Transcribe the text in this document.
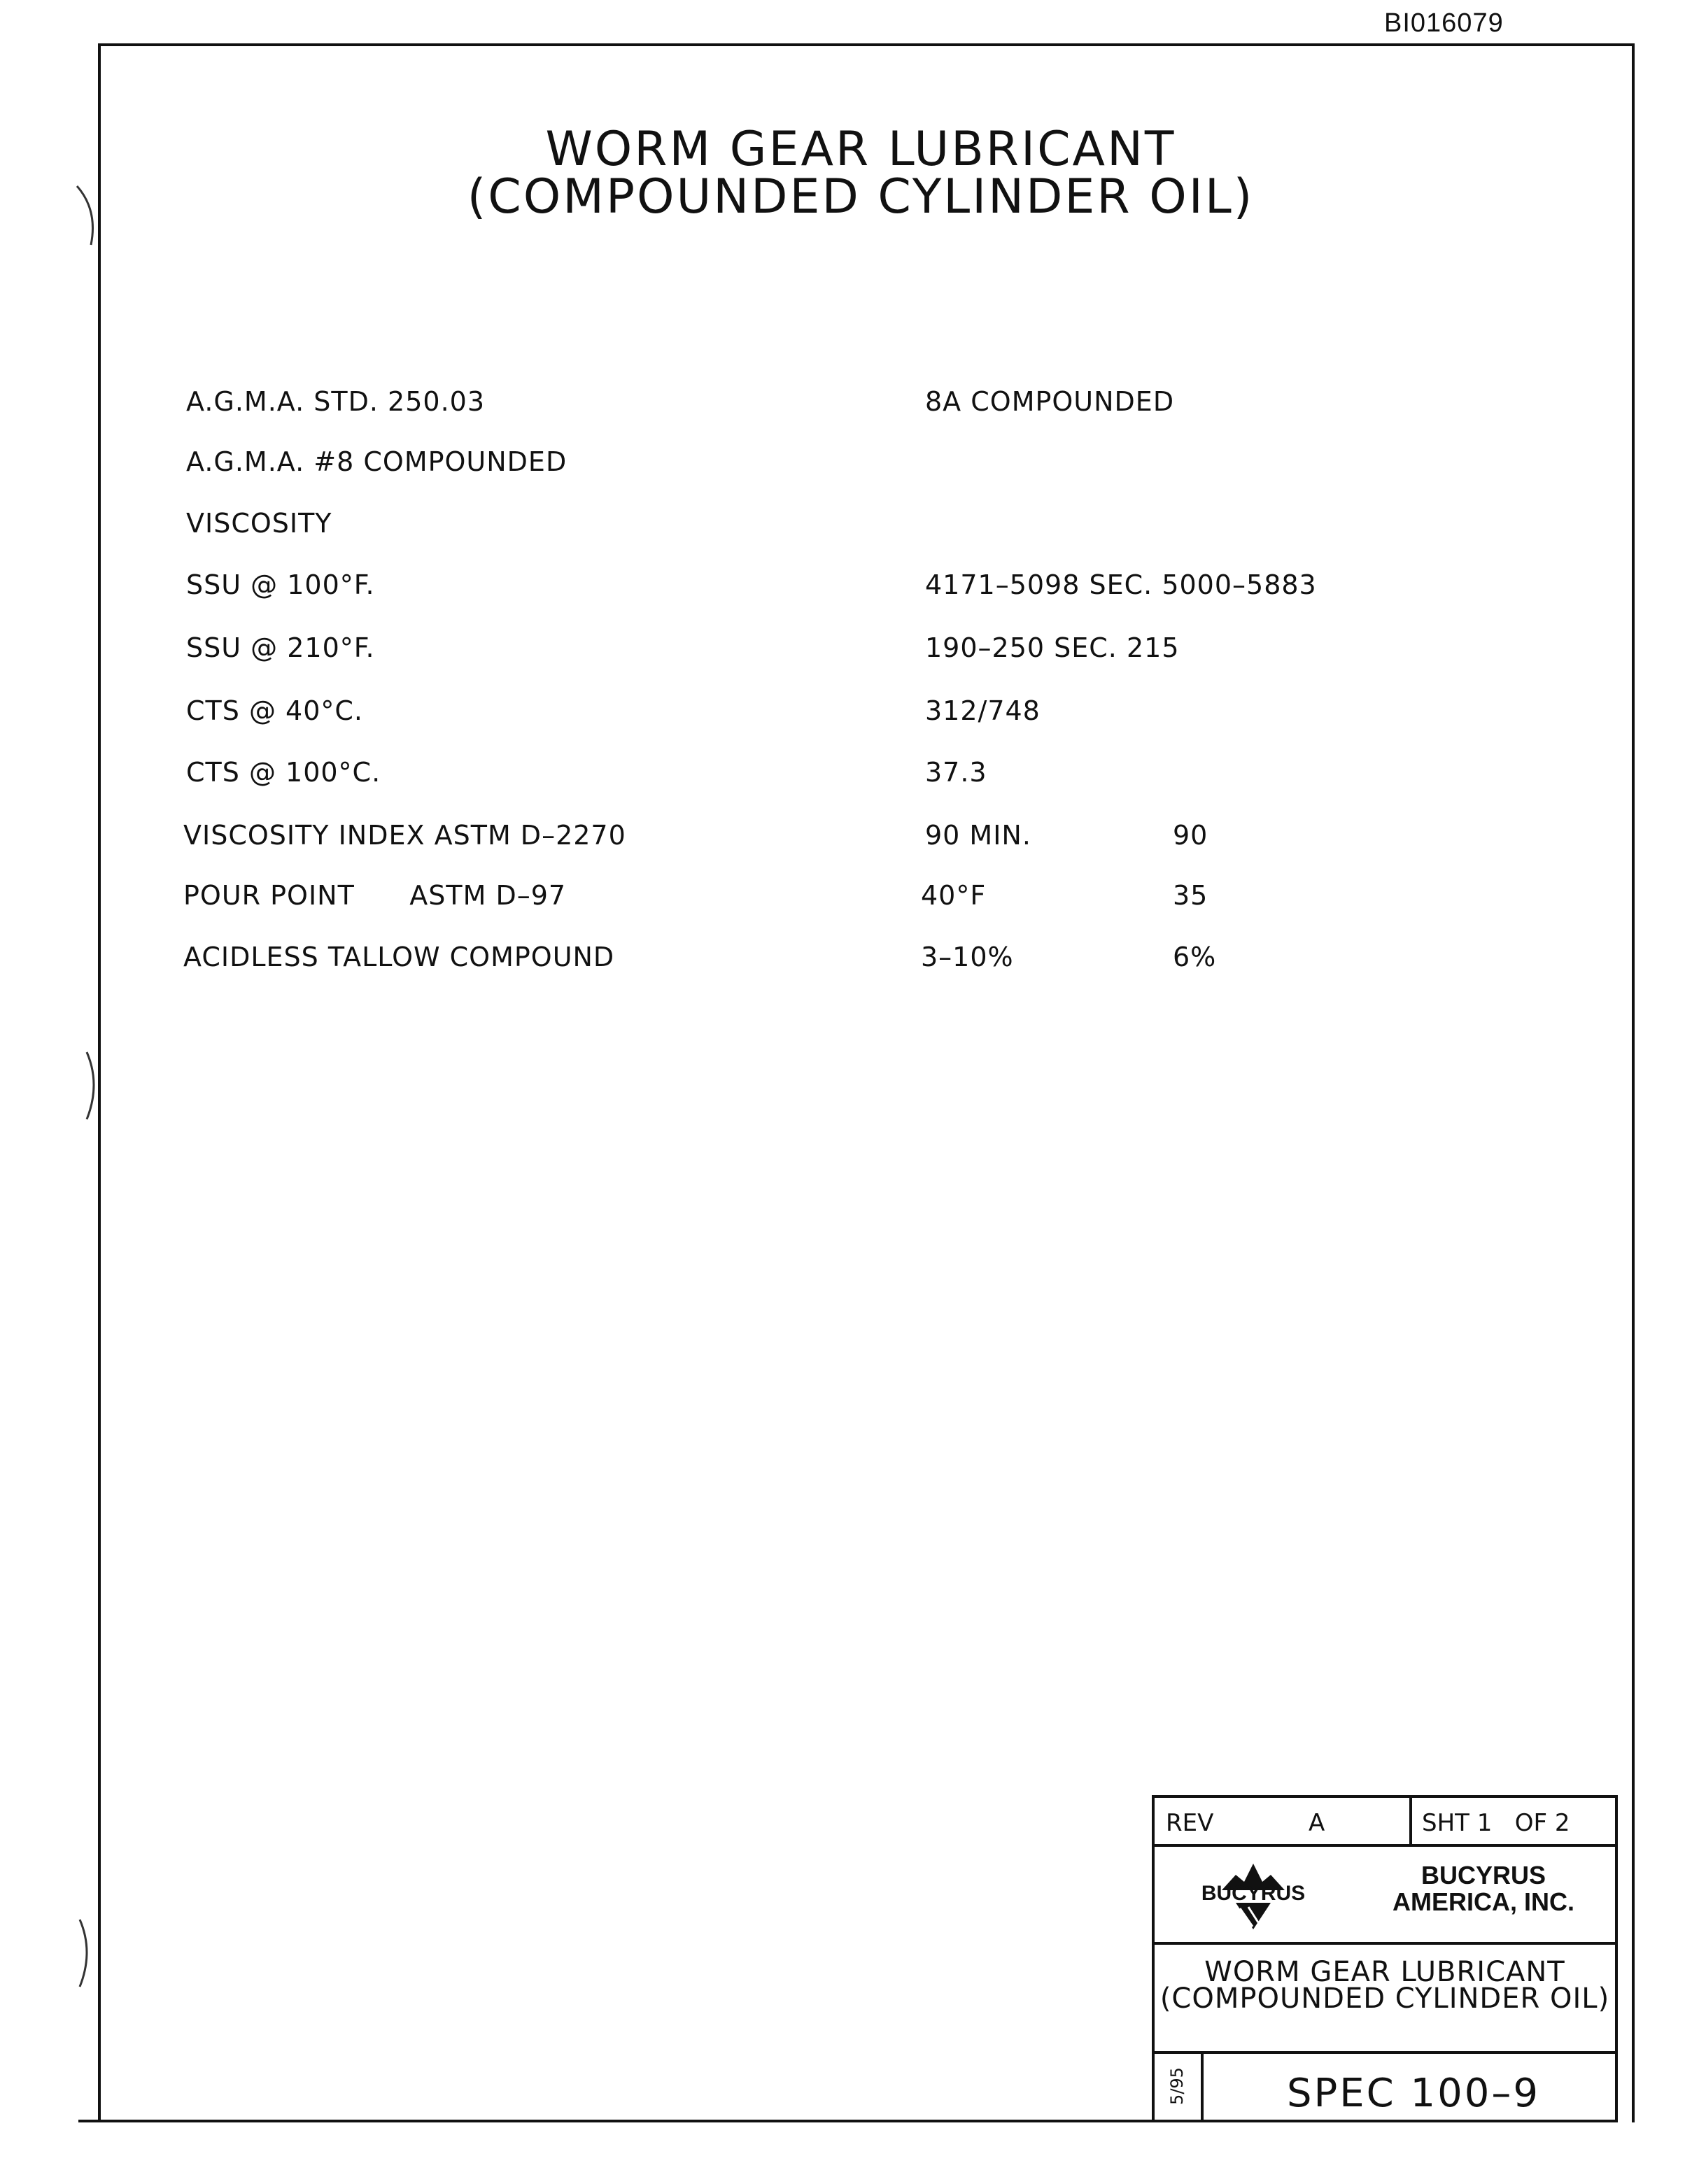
BI016079
WORM GEAR LUBRICANT
(COMPOUNDED CYLINDER OIL)
A.G.M.A. STD. 250.03	8A COMPOUNDED
A.G.M.A. #8 COMPOUNDED
VISCOSITY
SSU @ 100°F.	4171–5098 SEC. 5000–5883
SSU @ 210°F.	190–250 SEC. 215
CTS @ 40°C.	312/748
CTS @ 100°C.	37.3
VISCOSITY INDEX ASTM D–2270	90 MIN.	90
POUR POINT      ASTM D–97	40°F	35
ACIDLESS TALLOW COMPOUND	3–10%	6%
REV	A	SHT 1   OF 2
BUCYRUS
BUCYRUS
AMERICA, INC.
WORM GEAR LUBRICANT
(COMPOUNDED CYLINDER OIL)
5/95	SPEC 100–9
